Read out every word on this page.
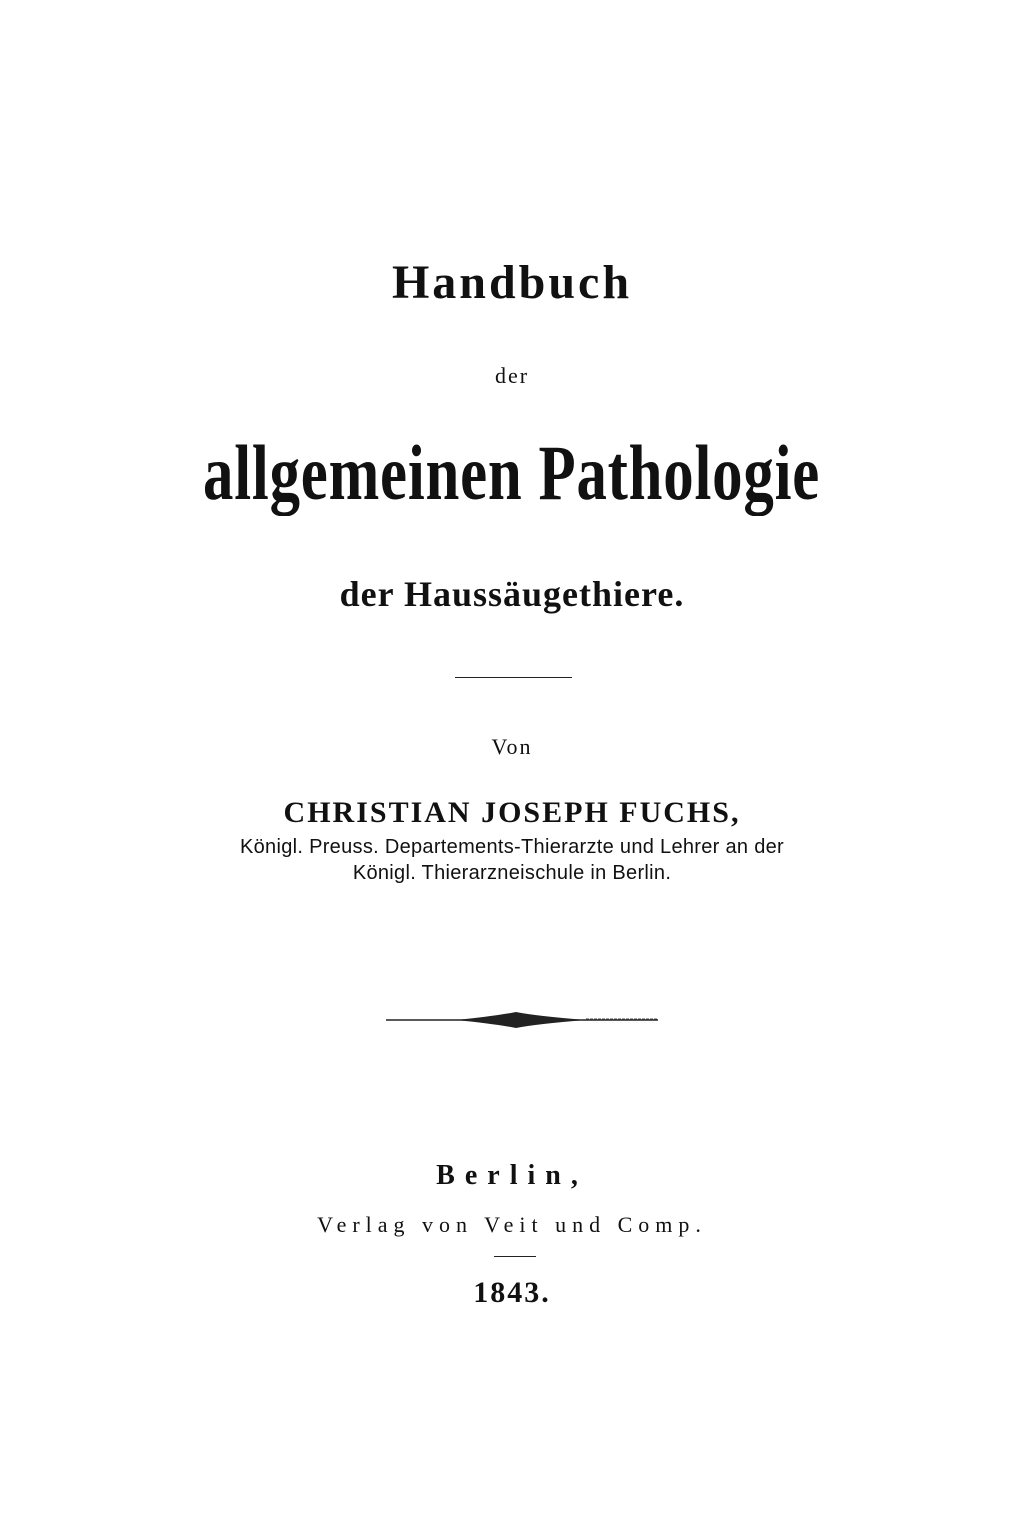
Handbuch
der
allgemeinen Pathologie
der Haussäugethiere.
Von
CHRISTIAN JOSEPH FUCHS,
Königl. Preuss. Departements-Thierarzte und Lehrer an der
Königl. Thierarzneischule in Berlin.
Berlin,
Verlag von Veit und Comp.
1843.
